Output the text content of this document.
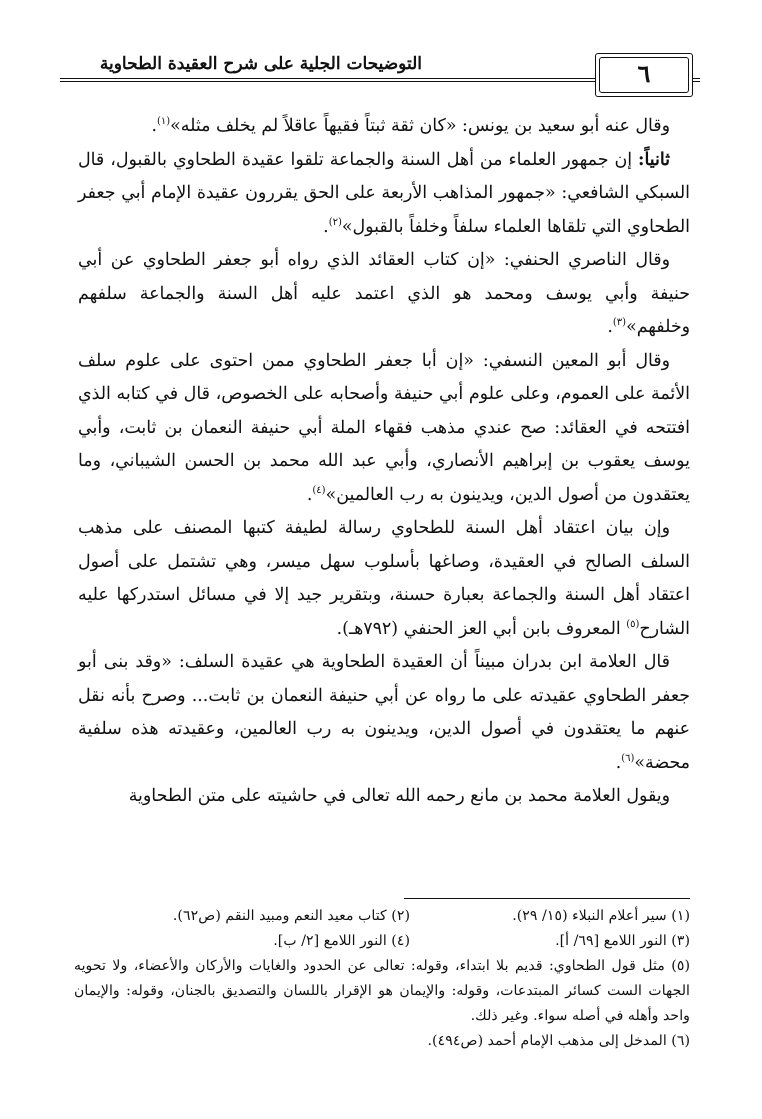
التوضيحات الجلية على شرح العقيدة الطحاوية	٦

وقال عنه أبو سعيد بن يونس: «كان ثقة ثبتاً فقيهاً عاقلاً لم يخلف مثله»$^{(١)}$.

ثانياً: إن جمهور العلماء من أهل السنة والجماعة تلقوا عقيدة الطحاوي بالقبول، قال السبكي الشافعي: «جمهور المذاهب الأربعة على الحق يقررون عقيدة الإمام أبي جعفر الطحاوي التي تلقاها العلماء سلفاً وخلفاً بالقبول»$^{(٢)}$.

وقال الناصري الحنفي: «إن كتاب العقائد الذي رواه أبو جعفر الطحاوي عن أبي حنيفة وأبي يوسف ومحمد هو الذي اعتمد عليه أهل السنة والجماعة سلفهم وخلفهم»$^{(٣)}$.

وقال أبو المعين النسفي: «إن أبا جعفر الطحاوي ممن احتوى على علوم سلف الأئمة على العموم، وعلى علوم أبي حنيفة وأصحابه على الخصوص، قال في كتابه الذي افتتحه في العقائد: صح عندي مذهب فقهاء الملة أبي حنيفة النعمان بن ثابت، وأبي يوسف يعقوب بن إبراهيم الأنصاري، وأبي عبد الله محمد بن الحسن الشيباني، وما يعتقدون من أصول الدين، ويدينون به رب العالمين»$^{(٤)}$.

وإن بيان اعتقاد أهل السنة للطحاوي رسالة لطيفة كتبها المصنف على مذهب السلف الصالح في العقيدة، وصاغها بأسلوب سهل ميسر، وهي تشتمل على أصول اعتقاد أهل السنة والجماعة بعبارة حسنة، وبتقرير جيد إلا في مسائل استدركها عليه الشارح$^{(٥)}$ المعروف بابن أبي العز الحنفي (٧٩٢هـ).

قال العلامة ابن بدران مبيناً أن العقيدة الطحاوية هي عقيدة السلف: «وقد بنى أبو جعفر الطحاوي عقيدته على ما رواه عن أبي حنيفة النعمان بن ثابت... وصرح بأنه نقل عنهم ما يعتقدون في أصول الدين، ويدينون به رب العالمين، وعقيدته هذه سلفية محضة»$^{(٦)}$.

ويقول العلامة محمد بن مانع رحمه الله تعالى في حاشيته على متن الطحاوية

(١) سير أعلام النبلاء (١٥/ ٢٩).
(٢) كتاب معيد النعم ومبيد النقم (ص٦٢).
(٣) النور اللامع [٦٩/ أ].
(٤) النور اللامع [٢/ ب].
(٥) مثل قول الطحاوي: قديم بلا ابتداء، وقوله: تعالى عن الحدود والغايات والأركان والأعضاء، ولا تحويه الجهات الست كسائر المبتدعات، وقوله: والإيمان هو الإقرار باللسان والتصديق بالجنان، وقوله: والإيمان واحد وأهله في أصله سواء. وغير ذلك.
(٦) المدخل إلى مذهب الإمام أحمد (ص٤٩٤).
